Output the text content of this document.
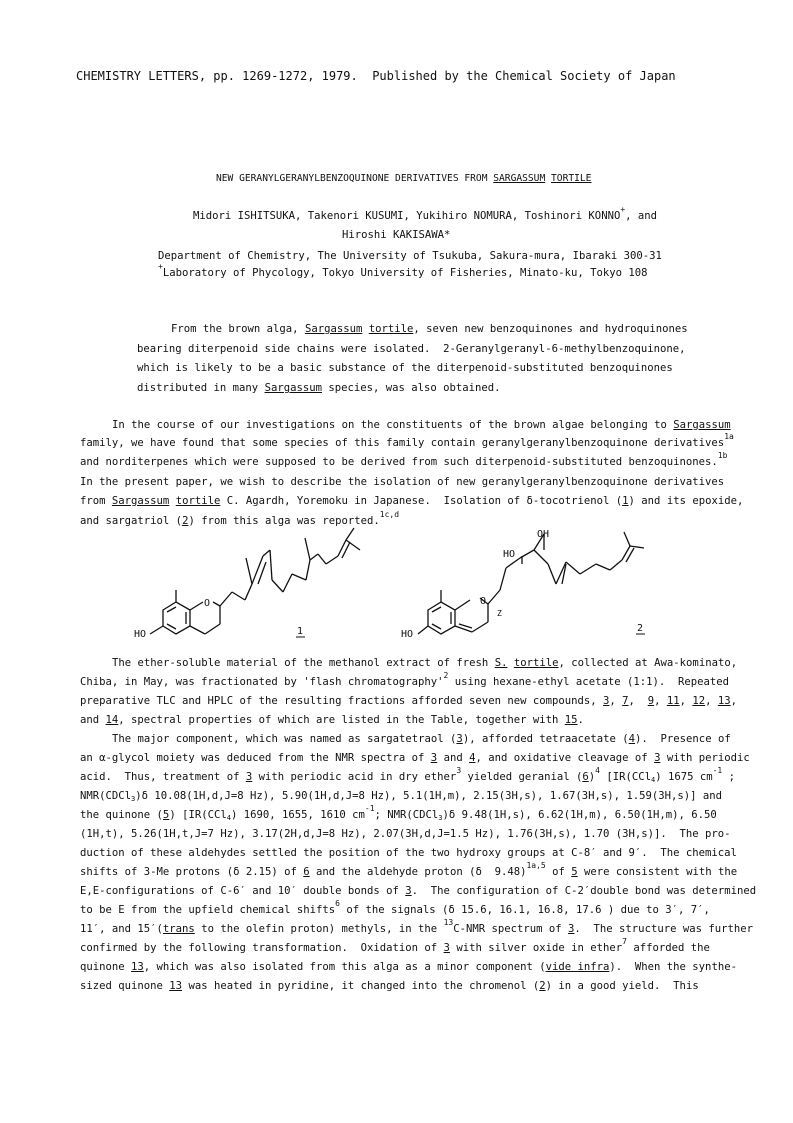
CHEMISTRY LETTERS, pp. 1269-1272, 1979.  Published by the Chemical Society of Japan
NEW GERANYLGERANYLBENZOQUINONE DERIVATIVES FROM SARGASSUM TORTILE
Midori ISHITSUKA, Takenori KUSUMI, Yukihiro NOMURA, Toshinori KONNO+, and
Hiroshi KAKISAWA*
Department of Chemistry, The University of Tsukuba, Sakura-mura, Ibaraki 300-31
+Laboratory of Phycology, Tokyo University of Fisheries, Minato-ku, Tokyo 108
From the brown alga, Sargassum tortile, seven new benzoquinones and hydroquinones
bearing diterpenoid side chains were isolated.  2-Geranylgeranyl-6-methylbenzoquinone,
which is likely to be a basic substance of the diterpenoid-substituted benzoquinones
distributed in many Sargassum species, was also obtained.
In the course of our investigations on the constituents of the brown algae belonging to Sargassum
family, we have found that some species of this family contain geranylgeranylbenzoquinone derivatives$^{1a}$
and norditerpenes which were supposed to be derived from such diterpenoid-substituted benzoquinones.$^{1b}$
In the present paper, we wish to describe the isolation of new geranylgeranylbenzoquinone derivatives
from Sargassum tortile C. Agardh, Yoremoku in Japanese.  Isolation of δ-tocotrienol (1) and its epoxide,
and sargatriol (2) from this alga was reported.$^{1c,d}$
HO
O
1
OH
HO
HO
O
Z
2
The ether-soluble material of the methanol extract of fresh S. tortile, collected at Awa-kominato,
Chiba, in May, was fractionated by 'flash $chromatography'^2$ using hexane-ethyl acetate (1:1).  Repeated
preparative TLC and HPLC of the resulting fractions afforded seven new compounds, 3, 7,  9, 11, 12, 13,
and 14, spectral properties of which are listed in the Table, together with 15.
The major component, which was named as sargatetraol (3), afforded tetraacetate (4).  Presence of
an α-glycol moiety was deduced from the NMR spectra of 3 and 4, and oxidative cleavage of 3 with periodic
acid.  Thus, treatment of 3 with periodic acid in dry ether$^3$ yielded geranial $(6)^4$ [IR(CCl$_4$) 1675 $cm^{-1}$ ;
NMR(CDCl$_3$)δ 10.08(1H,d,J=8 Hz), 5.90(1H,d,J=8 Hz), 5.1(1H,m), 2.15(3H,s), 1.67(3H,s), 1.59(3H,s)] and
the quinone (5) [IR(CCl$_4$) 1690, 1655, 1610 $cm^{-1}$; NMR(CDCl$_3$)δ 9.48(1H,s), 6.62(1H,m), 6.50(1H,m), 6.50
(1H,t), 5.26(1H,t,J=7 Hz), 3.17(2H,d,J=8 Hz), 2.07(3H,d,J=1.5 Hz), 1.76(3H,s), 1.70 (3H,s)].  The pro-
duction of these aldehydes settled the position of the two hydroxy groups at C-8′ and 9′.  The chemical
shifts of 3-Me protons (δ 2.15) of 6 and the aldehyde proton (δ  9.48)$^{1a,5}$ of 5 were consistent with the
E,E-configurations of C-6′ and 10′ double bonds of 3.  The configuration of C-2′double bond was determined
to be E from the upfield chemical shifts$^6$ of the signals (δ 15.6, 16.1, 16.8, 17.6 ) due to 3′, 7′,
11′, and 15′(trans to the olefin proton) methyls, in the $^{13}$C-NMR spectrum of 3.  The structure was further
confirmed by the following transformation.  Oxidation of 3 with silver oxide in ether$^7$ afforded the
quinone 13, which was also isolated from this alga as a minor component (vide infra).  When the synthe-
sized quinone 13 was heated in pyridine, it changed into the chromenol (2) in a good yield.  This
